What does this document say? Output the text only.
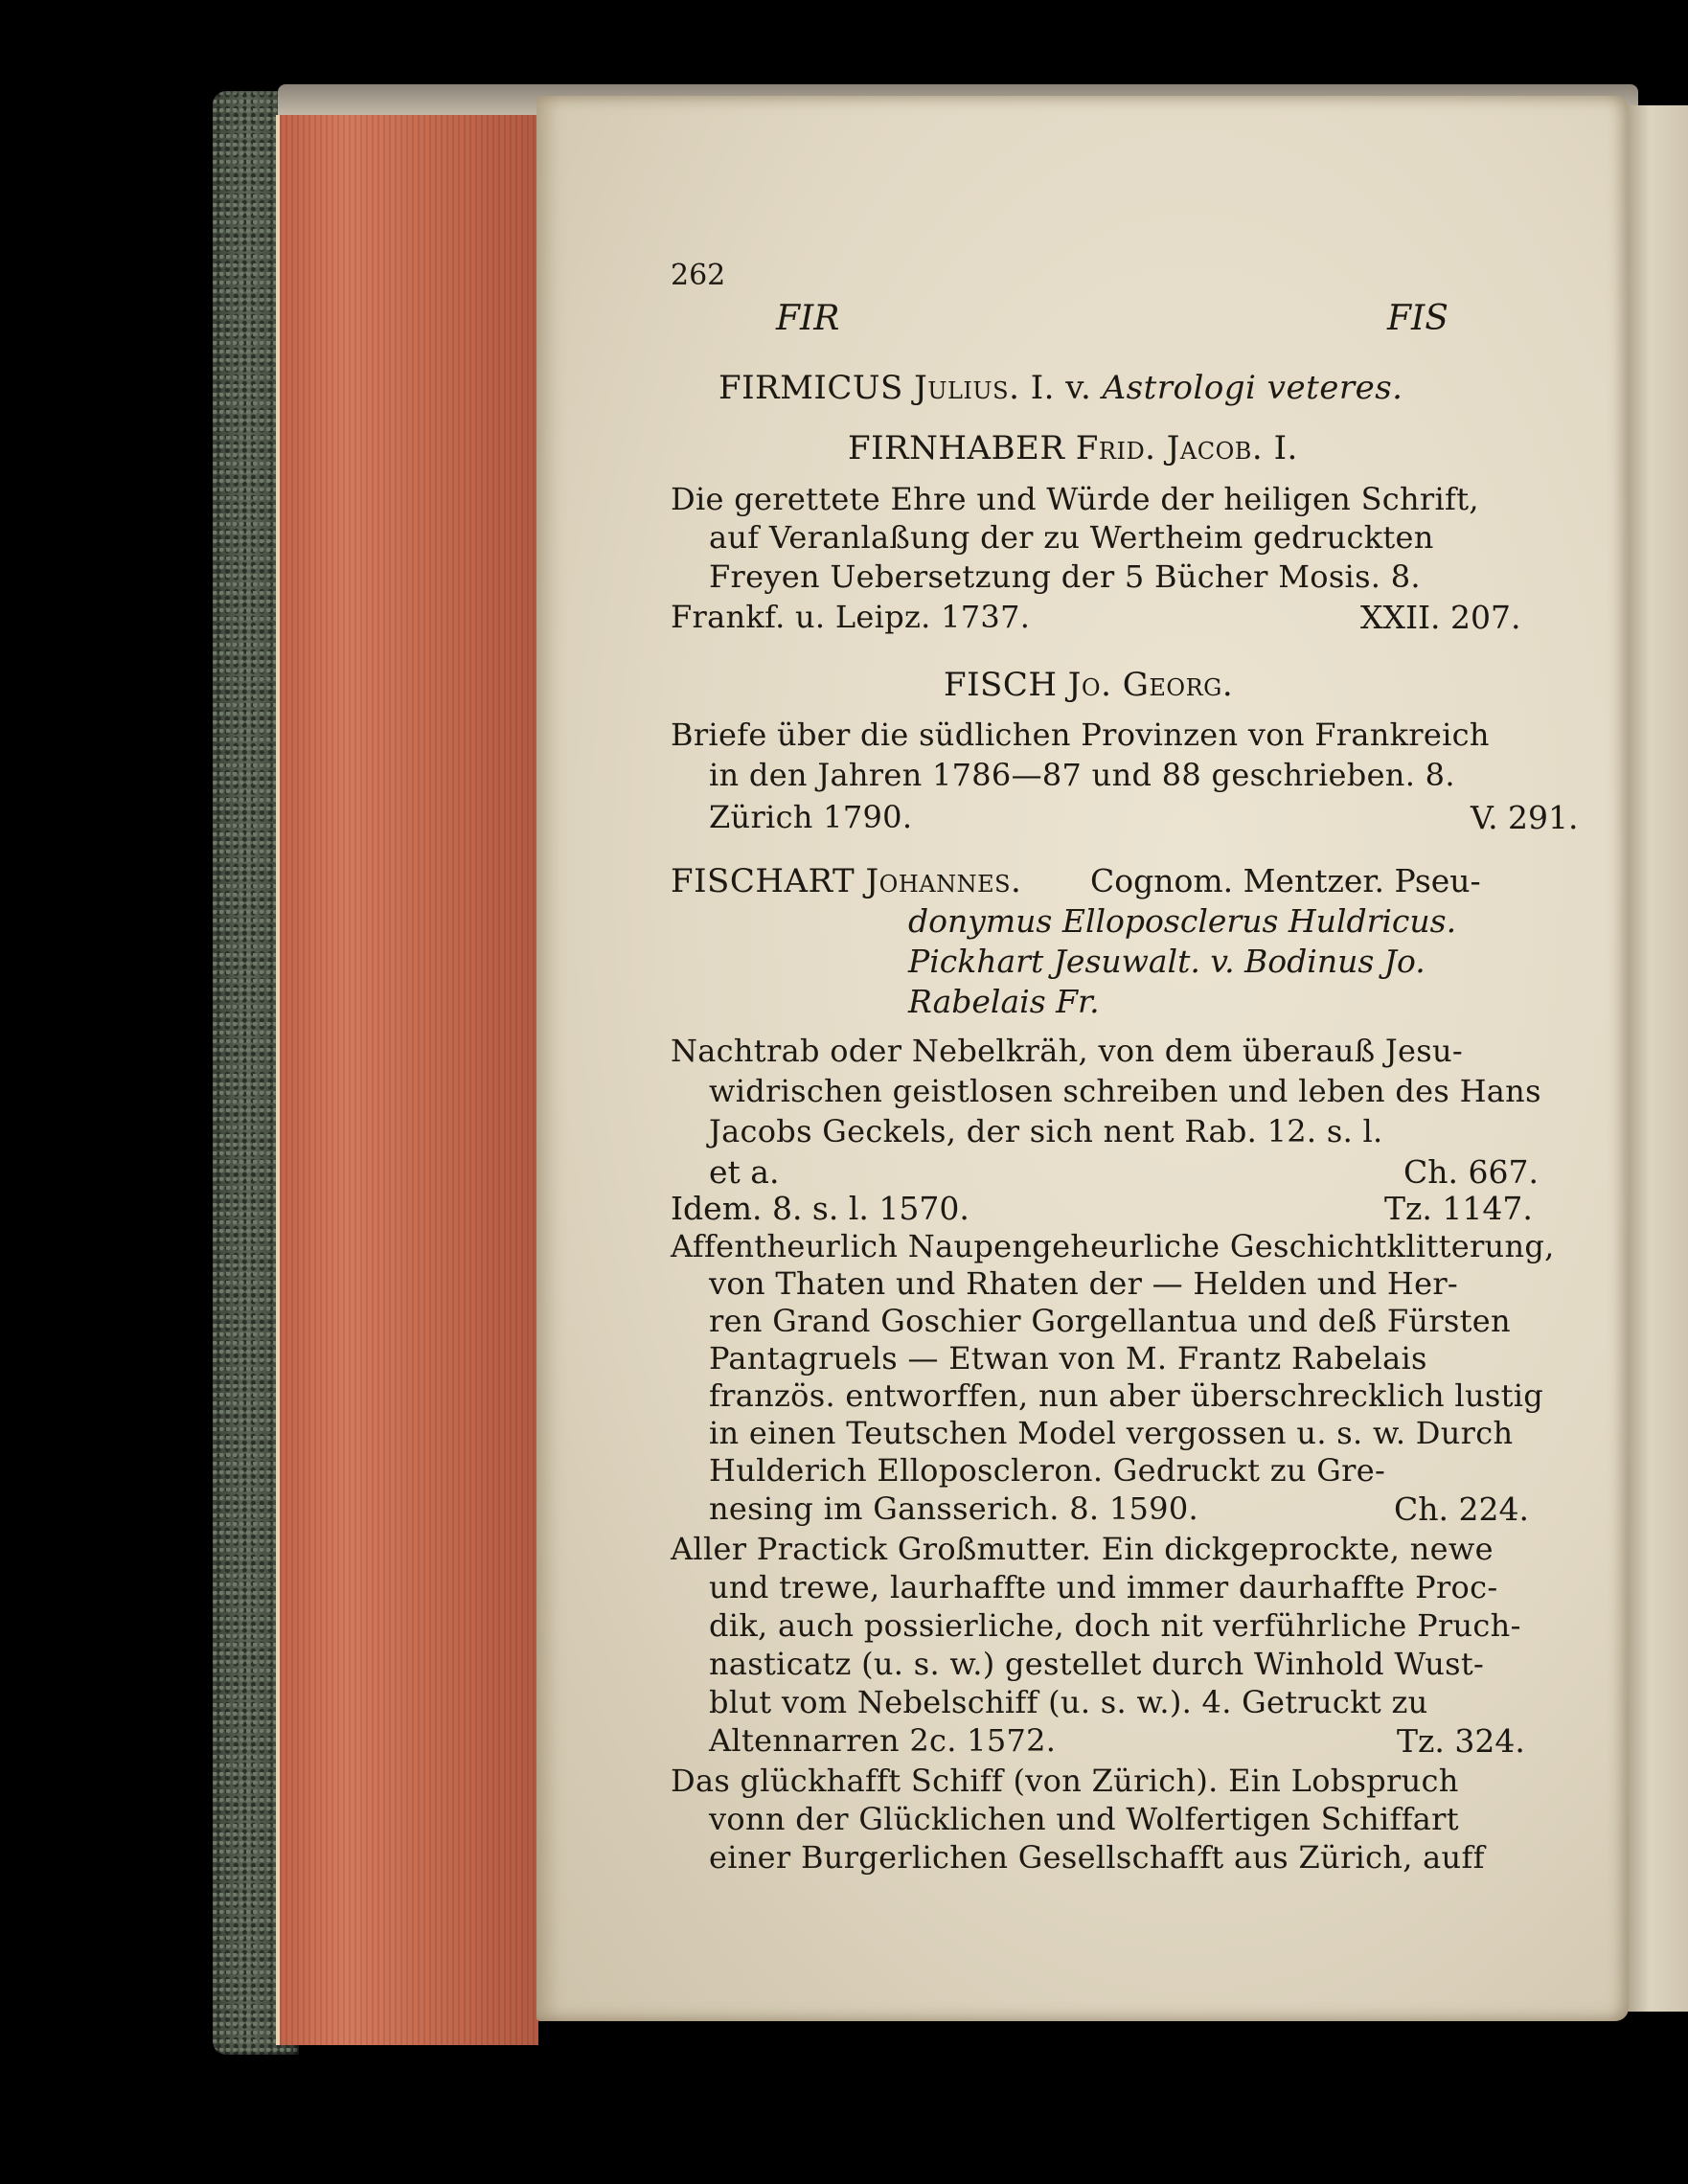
262
FIR	FIS
FIRMICUS Julius. I. v. Astrologi veteres.
FIRNHABER Frid. Jacob. I.
Die gerettete Ehre und Würde der heiligen Schrift,
auf Veranlaßung der zu Wertheim gedruckten
Freyen Uebersetzung der 5 Bücher Mosis. 8.
Frankf. u. Leipz. 1737.	XXII. 207.
FISCH Jo. Georg.
Briefe über die südlichen Provinzen von Frankreich
in den Jahren 1786—87 und 88 geschrieben. 8.
Zürich 1790.	V. 291.
FISCHART Johannes. Cognom. Mentzer. Pseu-
donymus Elloposclerus Huldricus.
Pickhart Jesuwalt. v. Bodinus Jo.
Rabelais Fr.
Nachtrab oder Nebelkräh, von dem überauß Jesu-
widrischen geistlosen schreiben und leben des Hans
Jacobs Geckels, der sich nent Rab. 12. s. l.
et a.	Ch. 667.
Idem. 8. s. l. 1570.	Tz. 1147.
Affentheurlich Naupengeheurliche Geschichtklitterung,
von Thaten und Rhaten der — Helden und Her-
ren Grand Goschier Gorgellantua und deß Fürsten
Pantagruels — Etwan von M. Frantz Rabelais
französ. entworffen, nun aber überschrecklich lustig
in einen Teutschen Model vergossen u. s. w. Durch
Hulderich Elloposcleron. Gedruckt zu Gre-
nesing im Gansserich. 8. 1590.	Ch. 224.
Aller Practick Großmutter. Ein dickgeprockte, newe
und trewe, laurhaffte und immer daurhaffte Proc-
dik, auch possierliche, doch nit verführliche Pruch-
nasticatz (u. s. w.) gestellet durch Winhold Wust-
blut vom Nebelschiff (u. s. w.). 4. Getruckt zu
Altennarren 2c. 1572.	Tz. 324.
Das glückhafft Schiff (von Zürich). Ein Lobspruch
vonn der Glücklichen und Wolfertigen Schiffart
einer Burgerlichen Gesellschafft aus Zürich, auff
